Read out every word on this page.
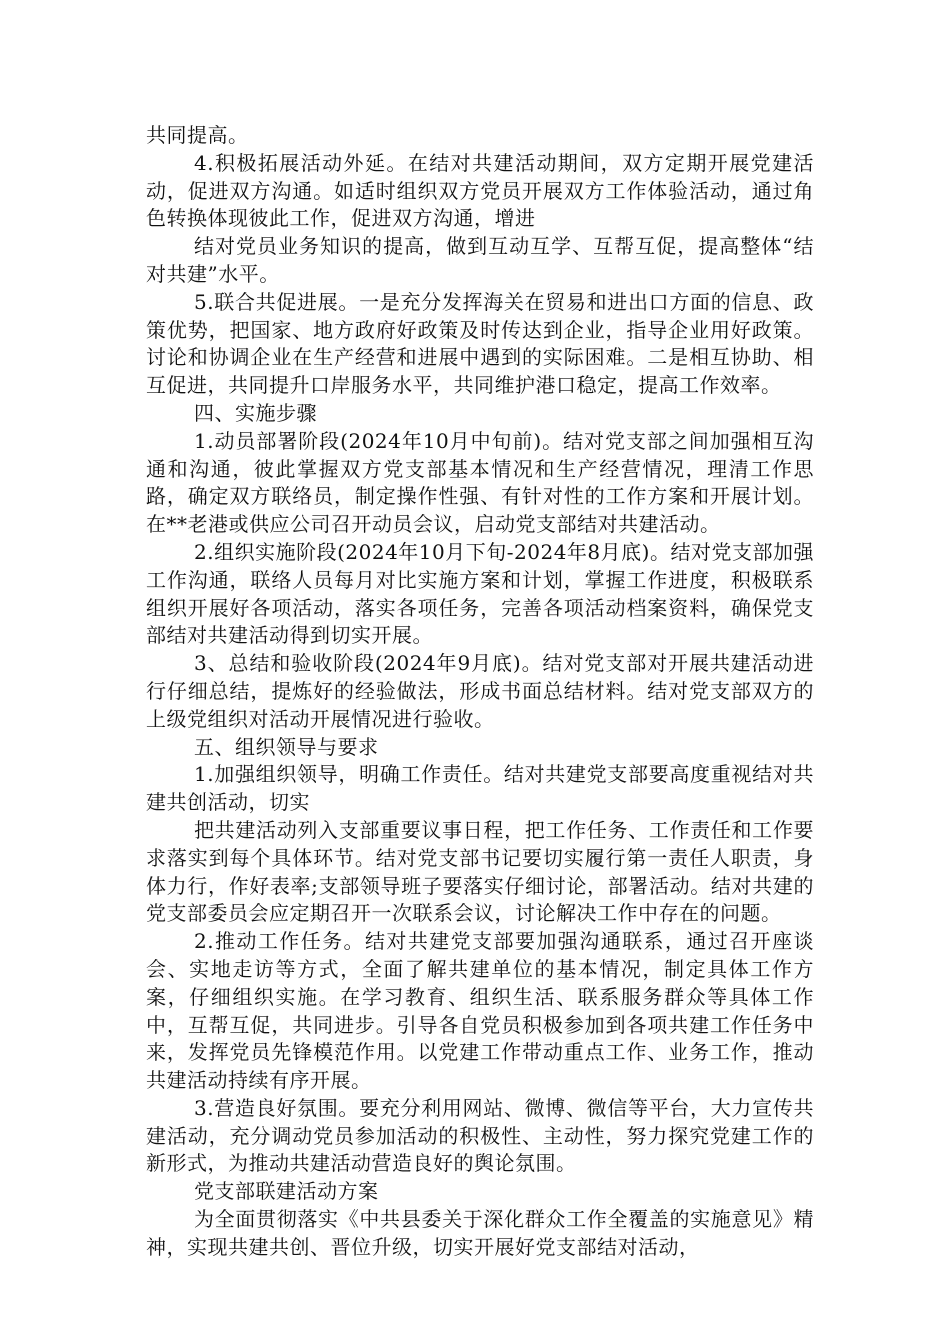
共同提高。

4.积极拓展活动外延。在结对共建活动期间，双方定期开展党建活动，促进双方沟通。如适时组织双方党员开展双方工作体验活动，通过角色转换体现彼此工作，促进双方沟通，增进

结对党员业务知识的提高，做到互动互学、互帮互促，提高整体“结对共建”水平。

5.联合共促进展。一是充分发挥海关在贸易和进出口方面的信息、政策优势，把国家、地方政府好政策及时传达到企业，指导企业用好政策。讨论和协调企业在生产经营和进展中遇到的实际困难。二是相互协助、相互促进，共同提升口岸服务水平，共同维护港口稳定，提高工作效率。

四、实施步骤

1.动员部署阶段(2024年10月中旬前)。结对党支部之间加强相互沟通和沟通，彼此掌握双方党支部基本情况和生产经营情况，理清工作思路，确定双方联络员，制定操作性强、有针对性的工作方案和开展计划。在**老港或供应公司召开动员会议，启动党支部结对共建活动。

2.组织实施阶段(2024年10月下旬-2024年8月底)。结对党支部加强工作沟通，联络人员每月对比实施方案和计划，掌握工作进度，积极联系组织开展好各项活动，落实各项任务，完善各项活动档案资料，确保党支部结对共建活动得到切实开展。

3、总结和验收阶段(2024年9月底)。结对党支部对开展共建活动进行仔细总结，提炼好的经验做法，形成书面总结材料。结对党支部双方的上级党组织对活动开展情况进行验收。

五、组织领导与要求

1.加强组织领导，明确工作责任。结对共建党支部要高度重视结对共建共创活动，切实

把共建活动列入支部重要议事日程，把工作任务、工作责任和工作要求落实到每个具体环节。结对党支部书记要切实履行第一责任人职责，身体力行，作好表率;支部领导班子要落实仔细讨论，部署活动。结对共建的党支部委员会应定期召开一次联系会议，讨论解决工作中存在的问题。

2.推动工作任务。结对共建党支部要加强沟通联系，通过召开座谈会、实地走访等方式，全面了解共建单位的基本情况，制定具体工作方案，仔细组织实施。在学习教育、组织生活、联系服务群众等具体工作中，互帮互促，共同进步。引导各自党员积极参加到各项共建工作任务中来，发挥党员先锋模范作用。以党建工作带动重点工作、业务工作，推动共建活动持续有序开展。

3.营造良好氛围。要充分利用网站、微博、微信等平台，大力宣传共建活动，充分调动党员参加活动的积极性、主动性，努力探究党建工作的新形式，为推动共建活动营造良好的舆论氛围。

党支部联建活动方案

为全面贯彻落实《中共县委关于深化群众工作全覆盖的实施意见》精神，实现共建共创、晋位升级，切实开展好党支部结对活动，
